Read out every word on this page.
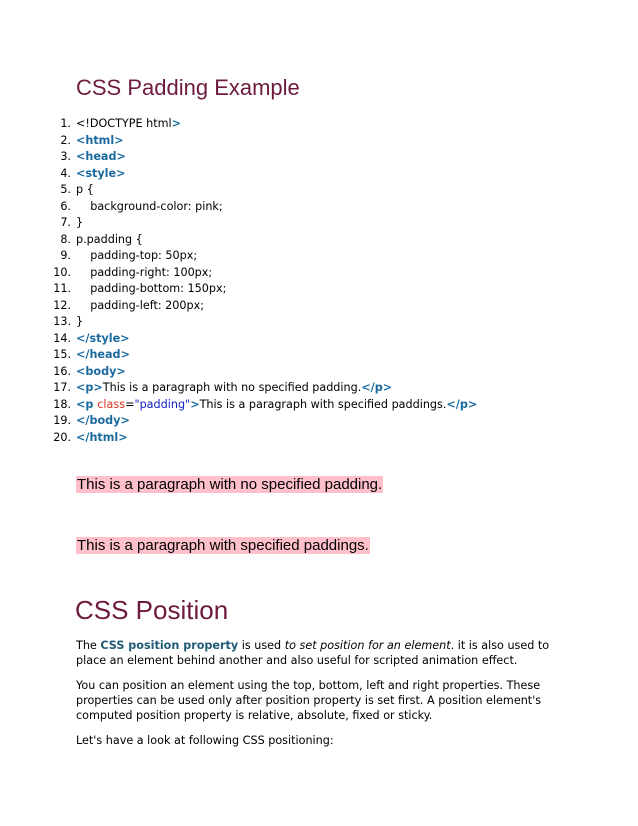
CSS Padding Example
1. <!DOCTYPE html>
2. <html>
3. <head>
4. <style>
5. p {
6. background-color: pink;
7. }
8. p.padding {
9. padding-top: 50px;
10. padding-right: 100px;
11. padding-bottom: 150px;
12. padding-left: 200px;
13. }
14. </style>
15. </head>
16. <body>
17. <p>This is a paragraph with no specified padding.</p>
18. <p class="padding">This is a paragraph with specified paddings.</p>
19. </body>
20. </html>
This is a paragraph with no specified padding.
This is a paragraph with specified paddings.
CSS Position

The CSS position property is used to set position for an element. it is also used to place an element behind another and also useful for scripted animation effect.

You can position an element using the top, bottom, left and right properties. These properties can be used only after position property is set first. A position element's computed position property is relative, absolute, fixed or sticky.

Let's have a look at following CSS positioning:
